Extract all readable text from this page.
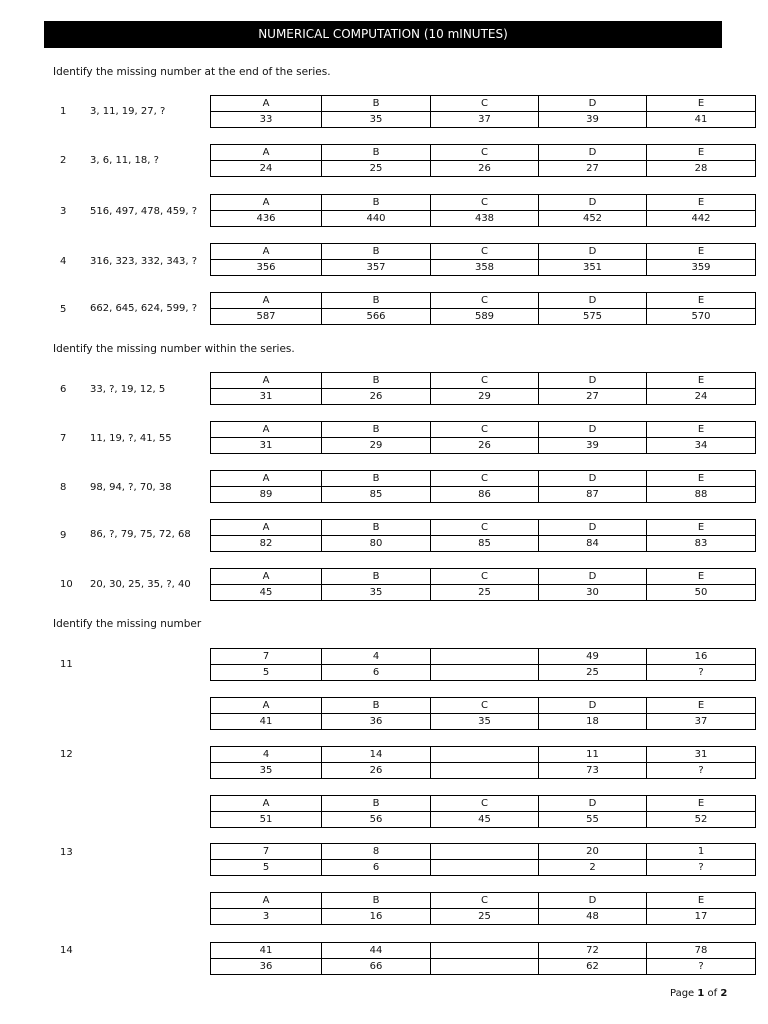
NUMERICAL COMPUTATION (10 mINUTES)
Identify the missing number at the end of the series.
Identify the missing number within the series.
Identify the missing number
1	3, 11, 19, 27, ?
A	B	C	D	E
33	35	37	39	41
2	3, 6, 11, 18, ?
A	B	C	D	E
24	25	26	27	28
3	516, 497, 478, 459, ?
A	B	C	D	E
436	440	438	452	442
4	316, 323, 332, 343, ?
A	B	C	D	E
356	357	358	351	359
5	662, 645, 624, 599, ?
A	B	C	D	E
587	566	589	575	570
6	33, ?, 19, 12, 5
A	B	C	D	E
31	26	29	27	24
7	11, 19, ?, 41, 55
A	B	C	D	E
31	29	26	39	34
8	98, 94, ?, 70, 38
A	B	C	D	E
89	85	86	87	88
9	86, ?, 79, 75, 72, 68
A	B	C	D	E
82	80	85	84	83
10	20, 30, 25, 35, ?, 40
A	B	C	D	E
45	35	25	30	50
11
7	4		49	16
5	6		25	?
A	B	C	D	E
41	36	35	18	37
12	4	14		11	31
35	26		73	?
A	B	C	D	E
51	56	45	55	52
13	7	8		20	1
5	6		2	?
A	B	C	D	E
3	16	25	48	17
14	41	44		72	78
36	66		62	?
Page 1 of 2
